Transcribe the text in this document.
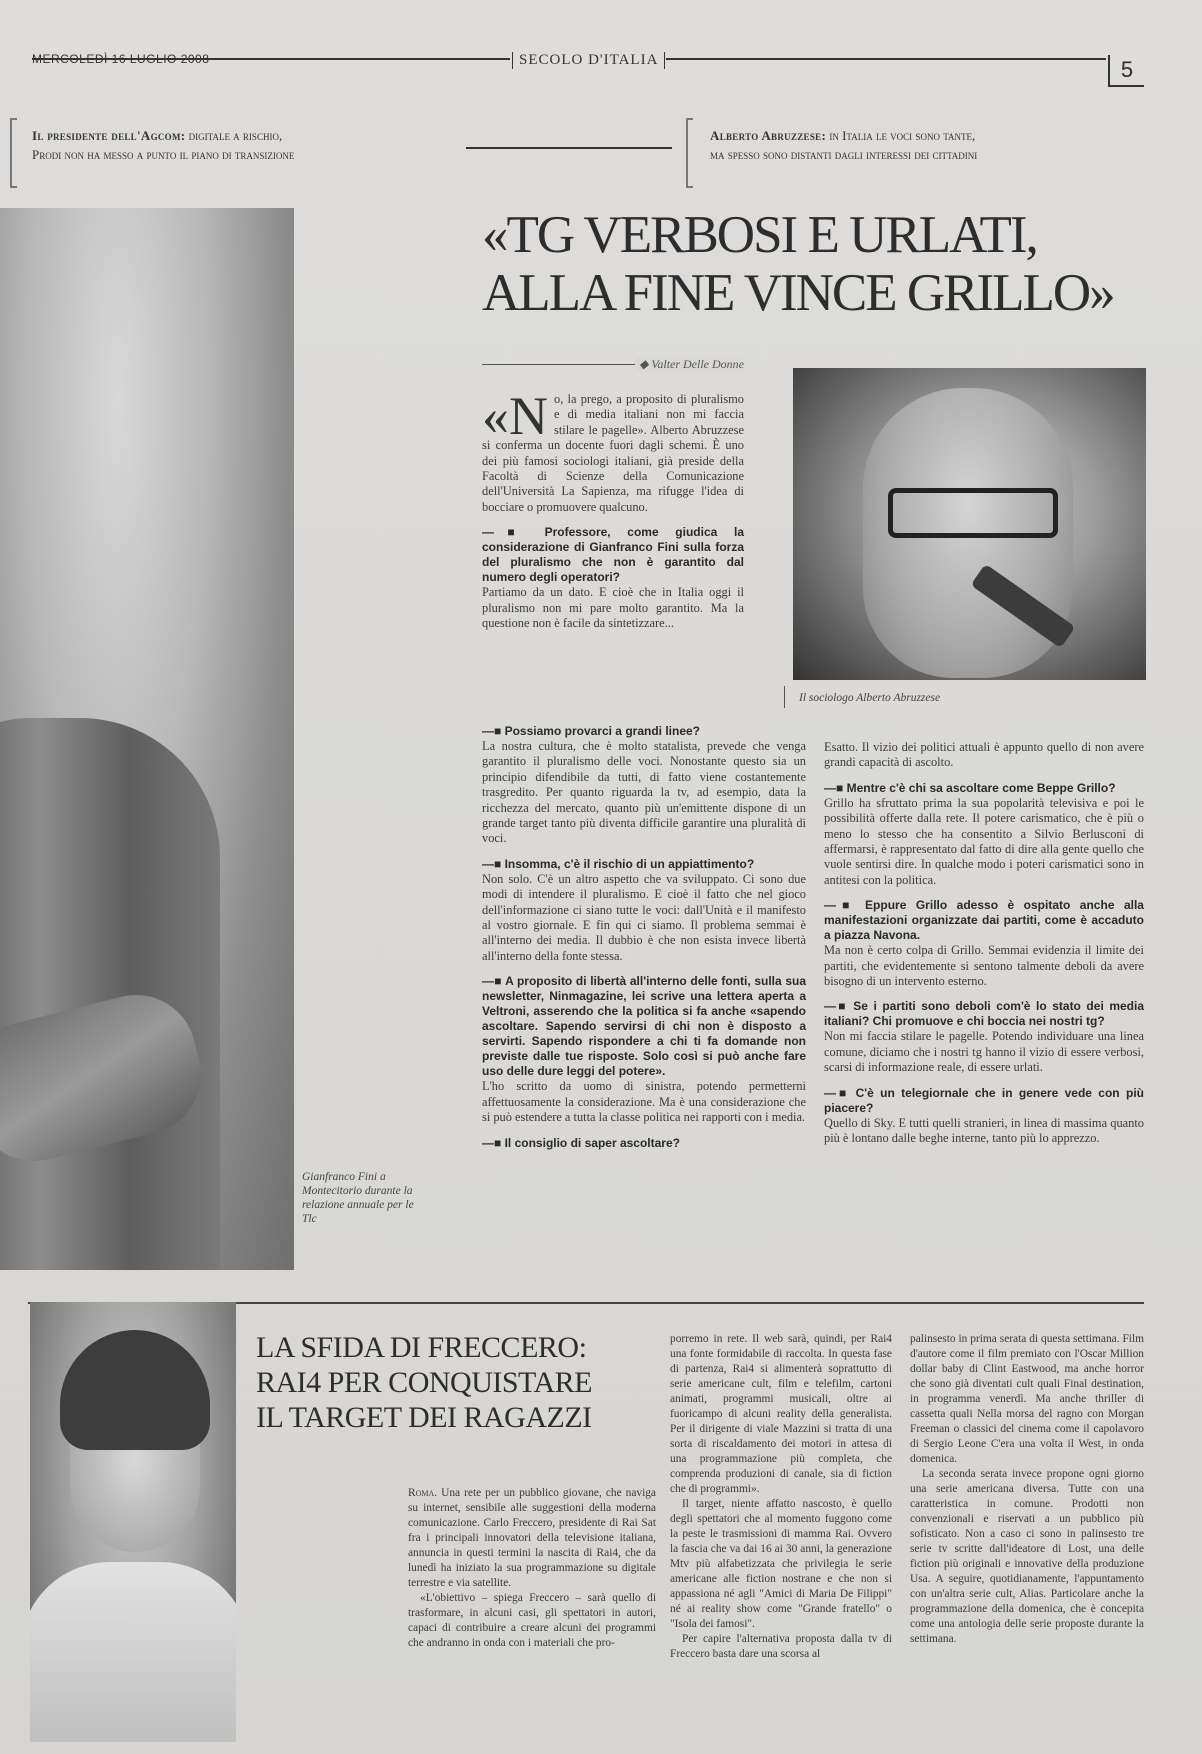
MERCOLEDÌ 16 LUGLIO 2008	SECOLO D'ITALIA	5
Il presidente dell'Agcom: digitale a rischio,
Prodi non ha messo a punto il piano di transizione
Alberto Abruzzese: in Italia le voci sono tante,
ma spesso sono distanti dagli interessi dei cittadini
Gianfranco Fini a Montecitorio durante la relazione annuale per le Tlc
«TG VERBOSI E URLATI,
ALLA FINE VINCE GRILLO»
◆ Valter Delle Donne
Il sociologo Alberto Abruzzese

«No, la prego, a proposito di pluralismo e di media italiani non mi faccia stilare le pagelle». Alberto Abruzzese si conferma un docente fuori dagli schemi. È uno dei più famosi sociologi italiani, già preside della Facoltà di Scienze della Comunicazione dell'Università La Sapienza, ma rifugge l'idea di bocciare o promuovere qualcuno.

—■ Professore, come giudica la considerazione di Gianfranco Fini sulla forza del pluralismo che non è garantito dal numero degli operatori?

Partiamo da un dato. E cioè che in Italia oggi il pluralismo non mi pare molto garantito. Ma la questione non è facile da sintetizzare...

—■ Possiamo provarci a grandi linee?

La nostra cultura, che è molto statalista, prevede che venga garantito il pluralismo delle voci. Nonostante questo sia un principio difendibile da tutti, di fatto viene costantemente trasgredito. Per quanto riguarda la tv, ad esempio, data la ricchezza del mercato, quanto più un'emittente dispone di un grande target tanto più diventa difficile garantire una pluralità di voci.

—■ Insomma, c'è il rischio di un appiattimento?

Non solo. C'è un altro aspetto che va sviluppato. Ci sono due modi di intendere il pluralismo. E cioè il fatto che nel gioco dell'informazione ci siano tutte le voci: dall'Unità e il manifesto al vostro giornale. E fin qui ci siamo. Il problema semmai è all'interno dei media. Il dubbio è che non esista invece libertà all'interno della fonte stessa.

—■ A proposito di libertà all'interno delle fonti, sulla sua newsletter, Ninmagazine, lei scrive una lettera aperta a Veltroni, asserendo che la politica si fa anche «sapendo ascoltare. Sapendo servirsi di chi non è disposto a servirti. Sapendo rispondere a chi ti fa domande non previste dalle tue risposte. Solo così si può anche fare uso delle dure leggi del potere».

L'ho scritto da uomo di sinistra, potendo permetterni affettuosamente la considerazione. Ma è una considerazione che si può estendere a tutta la classe politica nei rapporti con i media.

—■ Il consiglio di saper ascoltare?

Esatto. Il vizio dei politici attuali è appunto quello di non avere grandi capacità di ascolto.

—■ Mentre c'è chi sa ascoltare come Beppe Grillo?

Grillo ha sfruttato prima la sua popolarità televisiva e poi le possibilità offerte dalla rete. Il potere carismatico, che è più o meno lo stesso che ha consentito a Silvio Berlusconi di affermarsi, è rappresentato dal fatto di dire alla gente quello che vuole sentirsi dire. In qualche modo i poteri carismatici sono in antitesi con la politica.

—■ Eppure Grillo adesso è ospitato anche alla manifestazioni organizzate dai partiti, come è accaduto a piazza Navona.

Ma non è certo colpa di Grillo. Semmai evidenzia il limite dei partiti, che evidentemente si sentono talmente deboli da avere bisogno di un intervento esterno.

—■ Se i partiti sono deboli com'è lo stato dei media italiani? Chi promuove e chi boccia nei nostri tg?

Non mi faccia stilare le pagelle. Potendo individuare una linea comune, diciamo che i nostri tg hanno il vizio di essere verbosi, scarsi di informazione reale, di essere urlati.

—■ C'è un telegiornale che in genere vede con più piacere?

Quello di Sky. E tutti quelli stranieri, in linea di massima quanto più è lontano dalle beghe interne, tanto più lo apprezzo.

LA SFIDA DI FRECCERO:
RAI4 PER CONQUISTARE
IL TARGET DEI RAGAZZI

Roma. Una rete per un pubblico giovane, che naviga su internet, sensibile alle suggestioni della moderna comunicazione. Carlo Freccero, presidente di Rai Sat fra i principali innovatori della televisione italiana, annuncia in questi termini la nascita di Rai4, che da lunedì ha iniziato la sua programmazione su digitale terrestre e via satellite.

«L'obiettivo – spiega Freccero – sarà quello di trasformare, in alcuni casi, gli spettatori in autori, capaci di contribuire a creare alcuni dei programmi che andranno in onda con i materiali che pro-

porremo in rete. Il web sarà, quindi, per Rai4 una fonte formidabile di raccolta. In questa fase di partenza, Rai4 si alimenterà soprattutto di serie americane cult, film e telefilm, cartoni animati, programmi musicali, oltre ai fuoricampo di alcuni reality della generalista. Per il dirigente di viale Mazzini si tratta di una sorta di riscaldamento dei motori in attesa di una programmazione più completa, che comprenda produzioni di canale, sia di fiction che di programmi».

Il target, niente affatto nascosto, è quello degli spettatori che al momento fuggono come la peste le trasmissioni di mamma Rai. Ovvero la fascia che va dai 16 ai 30 anni, la generazione Mtv più alfabetizzata che privilegia le serie americane alle fiction nostrane e che non si appassiona né agli "Amici di Maria De Filippi" né ai reality show come "Grande fratello" o "Isola dei famosi".

Per capire l'alternativa proposta dalla tv di Freccero basta dare una scorsa al

palinsesto in prima serata di questa settimana. Film d'autore come il film premiato con l'Oscar Million dollar baby di Clint Eastwood, ma anche horror che sono già diventati cult quali Final destination, in programma venerdì. Ma anche thriller di cassetta quali Nella morsa del ragno con Morgan Freeman o classici del cinema come il capolavoro di Sergio Leone C'era una volta il West, in onda domenica.

La seconda serata invece propone ogni giorno una serie americana diversa. Tutte con una caratteristica in comune. Prodotti non convenzionali e riservati a un pubblico più sofisticato. Non a caso ci sono in palinsesto tre serie tv scritte dall'ideatore di Lost, una delle fiction più originali e innovative della produzione Usa. A seguire, quotidianamente, l'appuntamento con un'altra serie cult, Alias. Particolare anche la programmazione della domenica, che è concepita come una antologia delle serie proposte durante la settimana.
